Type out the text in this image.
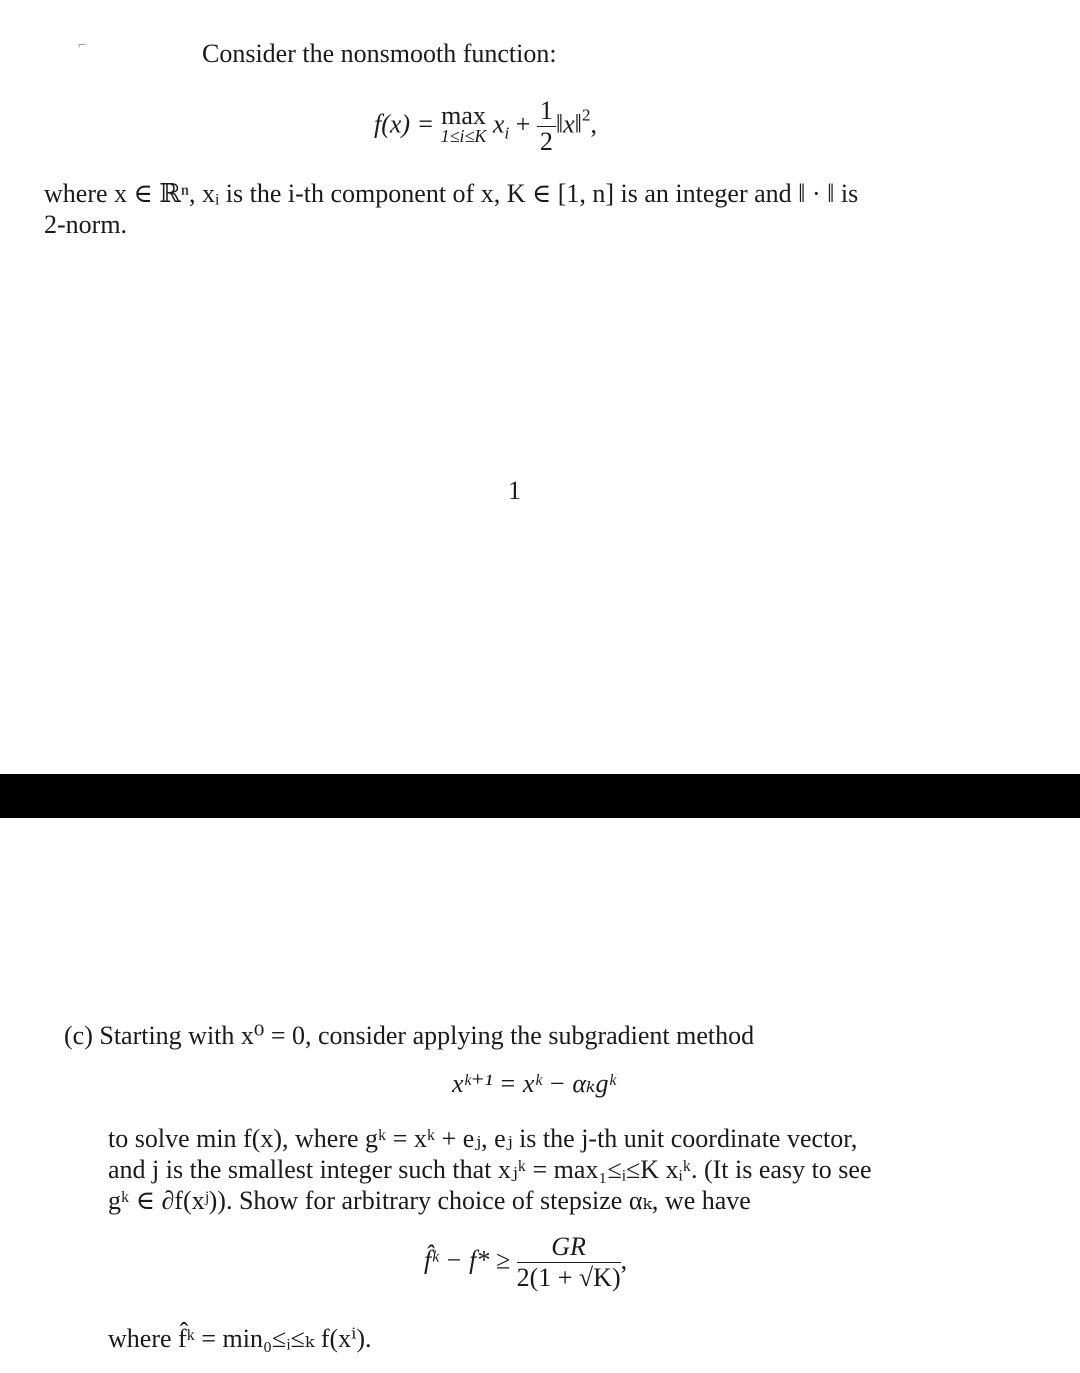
⌐	Consider the nonsmooth function:
f(x) = max
1≤i≤K $x_i + \frac{1}{2}$ ‖x‖$^2$,
where x ∈ ℝⁿ, xᵢ is the i-th component of x, K ∈ [1, n] is an integer and ‖ · ‖ is
2-norm.
1
(c) Starting with x⁰ = 0, consider applying the subgradient method
xᵏ⁺¹ = xᵏ − αₖgᵏ
to solve min f(x), where gᵏ = xᵏ + eⱼ, eⱼ is the j-th unit coordinate vector,
and j is the smallest integer such that xⱼᵏ = max₁≤ᵢ≤K xᵢᵏ. (It is easy to see
gᵏ ∈ ∂f(xʲ)). Show for arbitrary choice of stepsize αₖ, we have
f̂ᵏ − $f* \ge \frac{GR}{2(1 + √K)}$ ,
where f̂ᵏ = min₀≤ᵢ≤ₖ f(xⁱ).
